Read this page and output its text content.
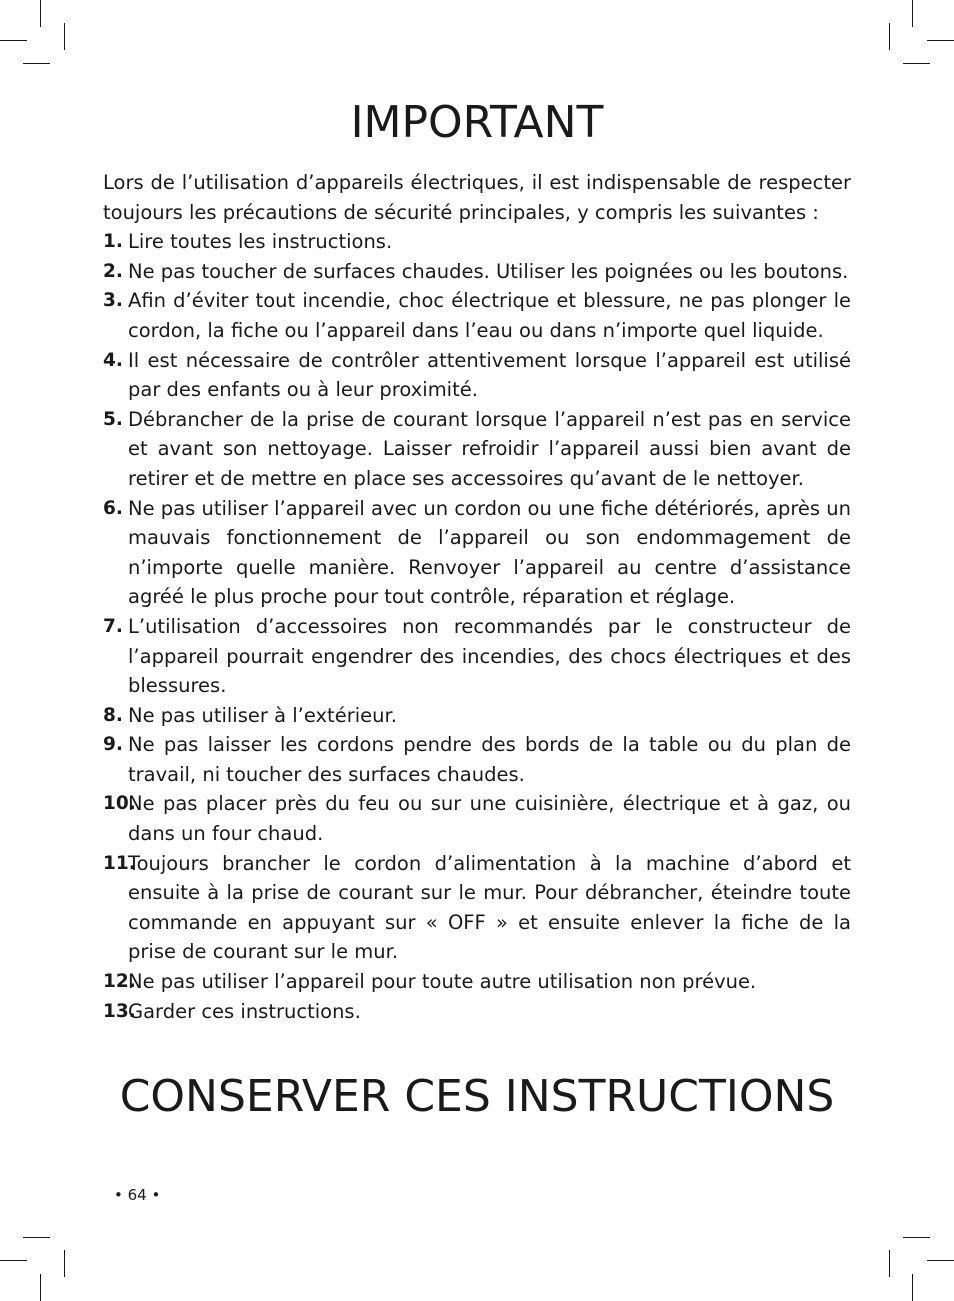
IMPORTANT

Lors de l’utilisation d’appareils électriques, il est indispensable de respecter toujours les précautions de sécurité principales, y compris les suivantes :

1. Lire toutes les instructions.
2. Ne pas toucher de surfaces chaudes. Utiliser les poignées ou les boutons.
3. Afin d’éviter tout incendie, choc électrique et blessure, ne pas plonger le cordon, la fiche ou l’appareil dans l’eau ou dans n’importe quel liquide.
4. Il est nécessaire de contrôler attentivement lorsque l’appareil est utilisé par des enfants ou à leur proximité.
5. Débrancher de la prise de courant lorsque l’appareil n’est pas en service et avant son nettoyage. Laisser refroidir l’appareil aussi bien avant de retirer et de mettre en place ses accessoires qu’avant de le nettoyer.
6. Ne pas utiliser l’appareil avec un cordon ou une fiche détériorés, après un mauvais fonctionnement de l’appareil ou son endommagement de n’importe quelle manière. Renvoyer l’appareil au centre d’assistance agréé le plus proche pour tout contrôle, réparation et réglage.
7. L’utilisation d’accessoires non recommandés par le constructeur de l’appareil pourrait engendrer des incendies, des chocs électriques et des blessures.
8. Ne pas utiliser à l’extérieur.
9. Ne pas laisser les cordons pendre des bords de la table ou du plan de travail, ni toucher des surfaces chaudes.
10.
Ne pas placer près du feu ou sur une cuisinière, électrique et à gaz, ou dans un four chaud.
11.
Toujours brancher le cordon d’alimentation à la machine d’abord et ensuite à la prise de courant sur le mur. Pour débrancher, éteindre toute commande en appuyant sur « OFF » et ensuite enlever la fiche de la prise de courant sur le mur.
12.
Ne pas utiliser l’appareil pour toute autre utilisation non prévue.
13.
Garder ces instructions.
CONSERVER CES INSTRUCTIONS
• 64 •
